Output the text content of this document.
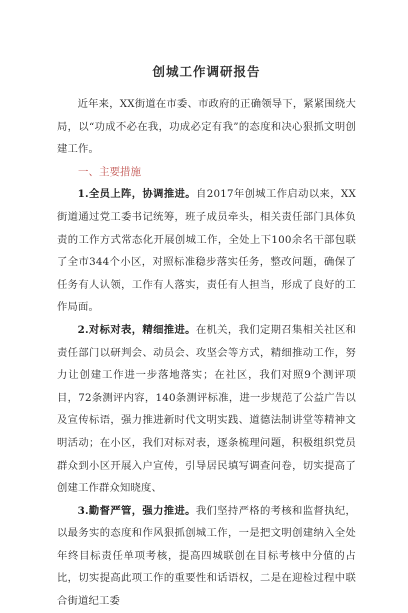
创城工作调研报告

近年来，XX街道在市委、市政府的正确领导下，紧紧围绕大局，以“功成不必在我，功成必定有我”的态度和决心狠抓文明创建工作。

一、主要措施

1.全员上阵，协调推进。自2017年创城工作启动以来，XX街道通过党工委书记统筹，班子成员牵头，相关责任部门具体负责的工作方式常态化开展创城工作，全处上下100余名干部包联了全市344个小区，对照标准稳步落实任务，整改问题，确保了任务有人认领，工作有人落实，责任有人担当，形成了良好的工作局面。

2.对标对表，精细推进。在机关，我们定期召集相关社区和责任部门以研判会、动员会、攻坚会等方式，精细推动工作，努力让创建工作进一步落地落实；在社区，我们对照9个测评项目，72条测评内容，140条测评标准，进一步规范了公益广告以及宣传标语，强力推进新时代文明实践、道德法制讲堂等精神文明活动；在小区，我们对标对表，逐条梳理问题，积极组织党员群众到小区开展入户宣传，引导居民填写调查问卷，切实提高了创建工作群众知晓度、

3.勤督严管，强力推进。我们坚持严格的考核和监督执纪，以最务实的态度和作风狠抓创城工作，一是把文明创建纳入全处年终目标责任单项考核，提高四城联创在目标考核中分值的占比，切实提高此项工作的重要性和话语权，二是在迎检过程中联合街道纪工委
